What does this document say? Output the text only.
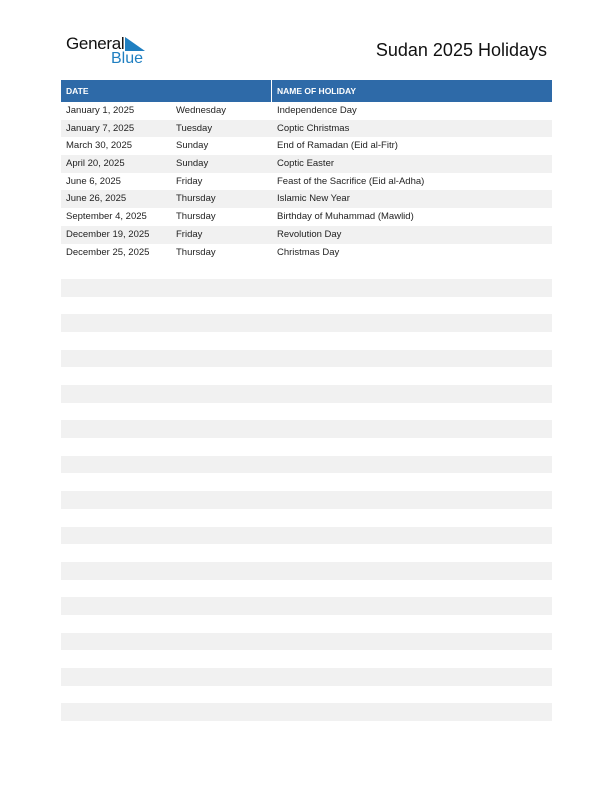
General
Blue	Sudan 2025 Holidays
DATE	NAME OF HOLIDAY
January 1, 2025	Wednesday	Independence Day
January 7, 2025	Tuesday	Coptic Christmas
March 30, 2025	Sunday	End of Ramadan (Eid al-Fitr)
April 20, 2025	Sunday	Coptic Easter
June 6, 2025	Friday	Feast of the Sacrifice (Eid al-Adha)
June 26, 2025	Thursday	Islamic New Year
September 4, 2025	Thursday	Birthday of Muhammad (Mawlid)
December 19, 2025	Friday	Revolution Day
December 25, 2025	Thursday	Christmas Day
